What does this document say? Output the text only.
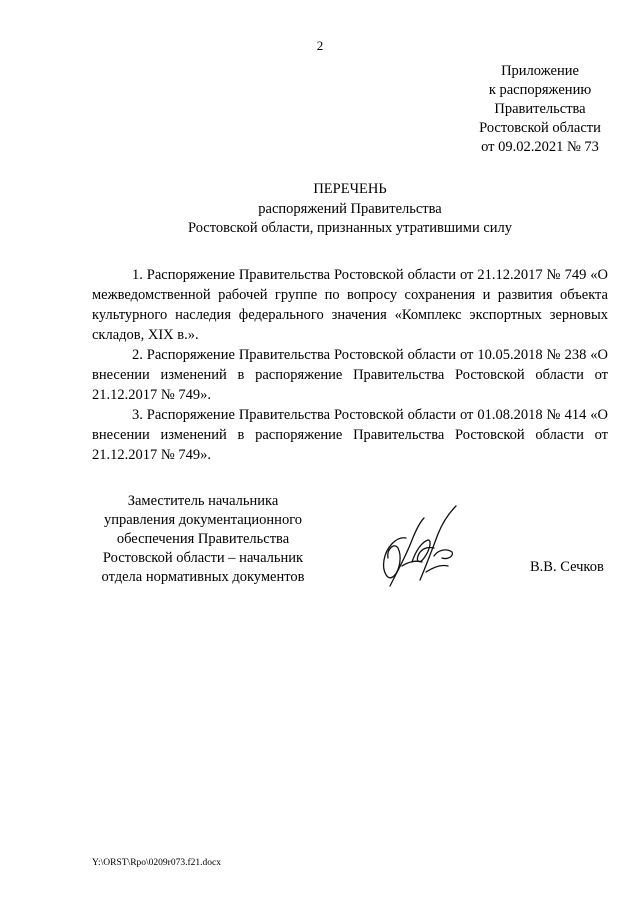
2
Приложение
к распоряжению
Правительства
Ростовской области
от 09.02.2021 № 73
ПЕРЕЧЕНЬ
распоряжений Правительства
Ростовской области, признанных утратившими силу

1. Распоряжение Правительства Ростовской области от 21.12.2017 № 749 «О межведомственной рабочей группе по вопросу сохранения и развития объекта культурного наследия федерального значения «Комплекс экспортных зерновых складов, XIX в.».

2. Распоряжение Правительства Ростовской области от 10.05.2018 № 238 «О внесении изменений в распоряжение Правительства Ростовской области от 21.12.2017 № 749».

3. Распоряжение Правительства Ростовской области от 01.08.2018 № 414 «О внесении изменений в распоряжение Правительства Ростовской области от 21.12.2017 № 749».

Заместитель начальника
управления документационного
обеспечения Правительства
Ростовской области – начальник
отдела нормативных документов
В.В. Сечков
Y:\ORST\Rpo\0209r073.f21.docx
